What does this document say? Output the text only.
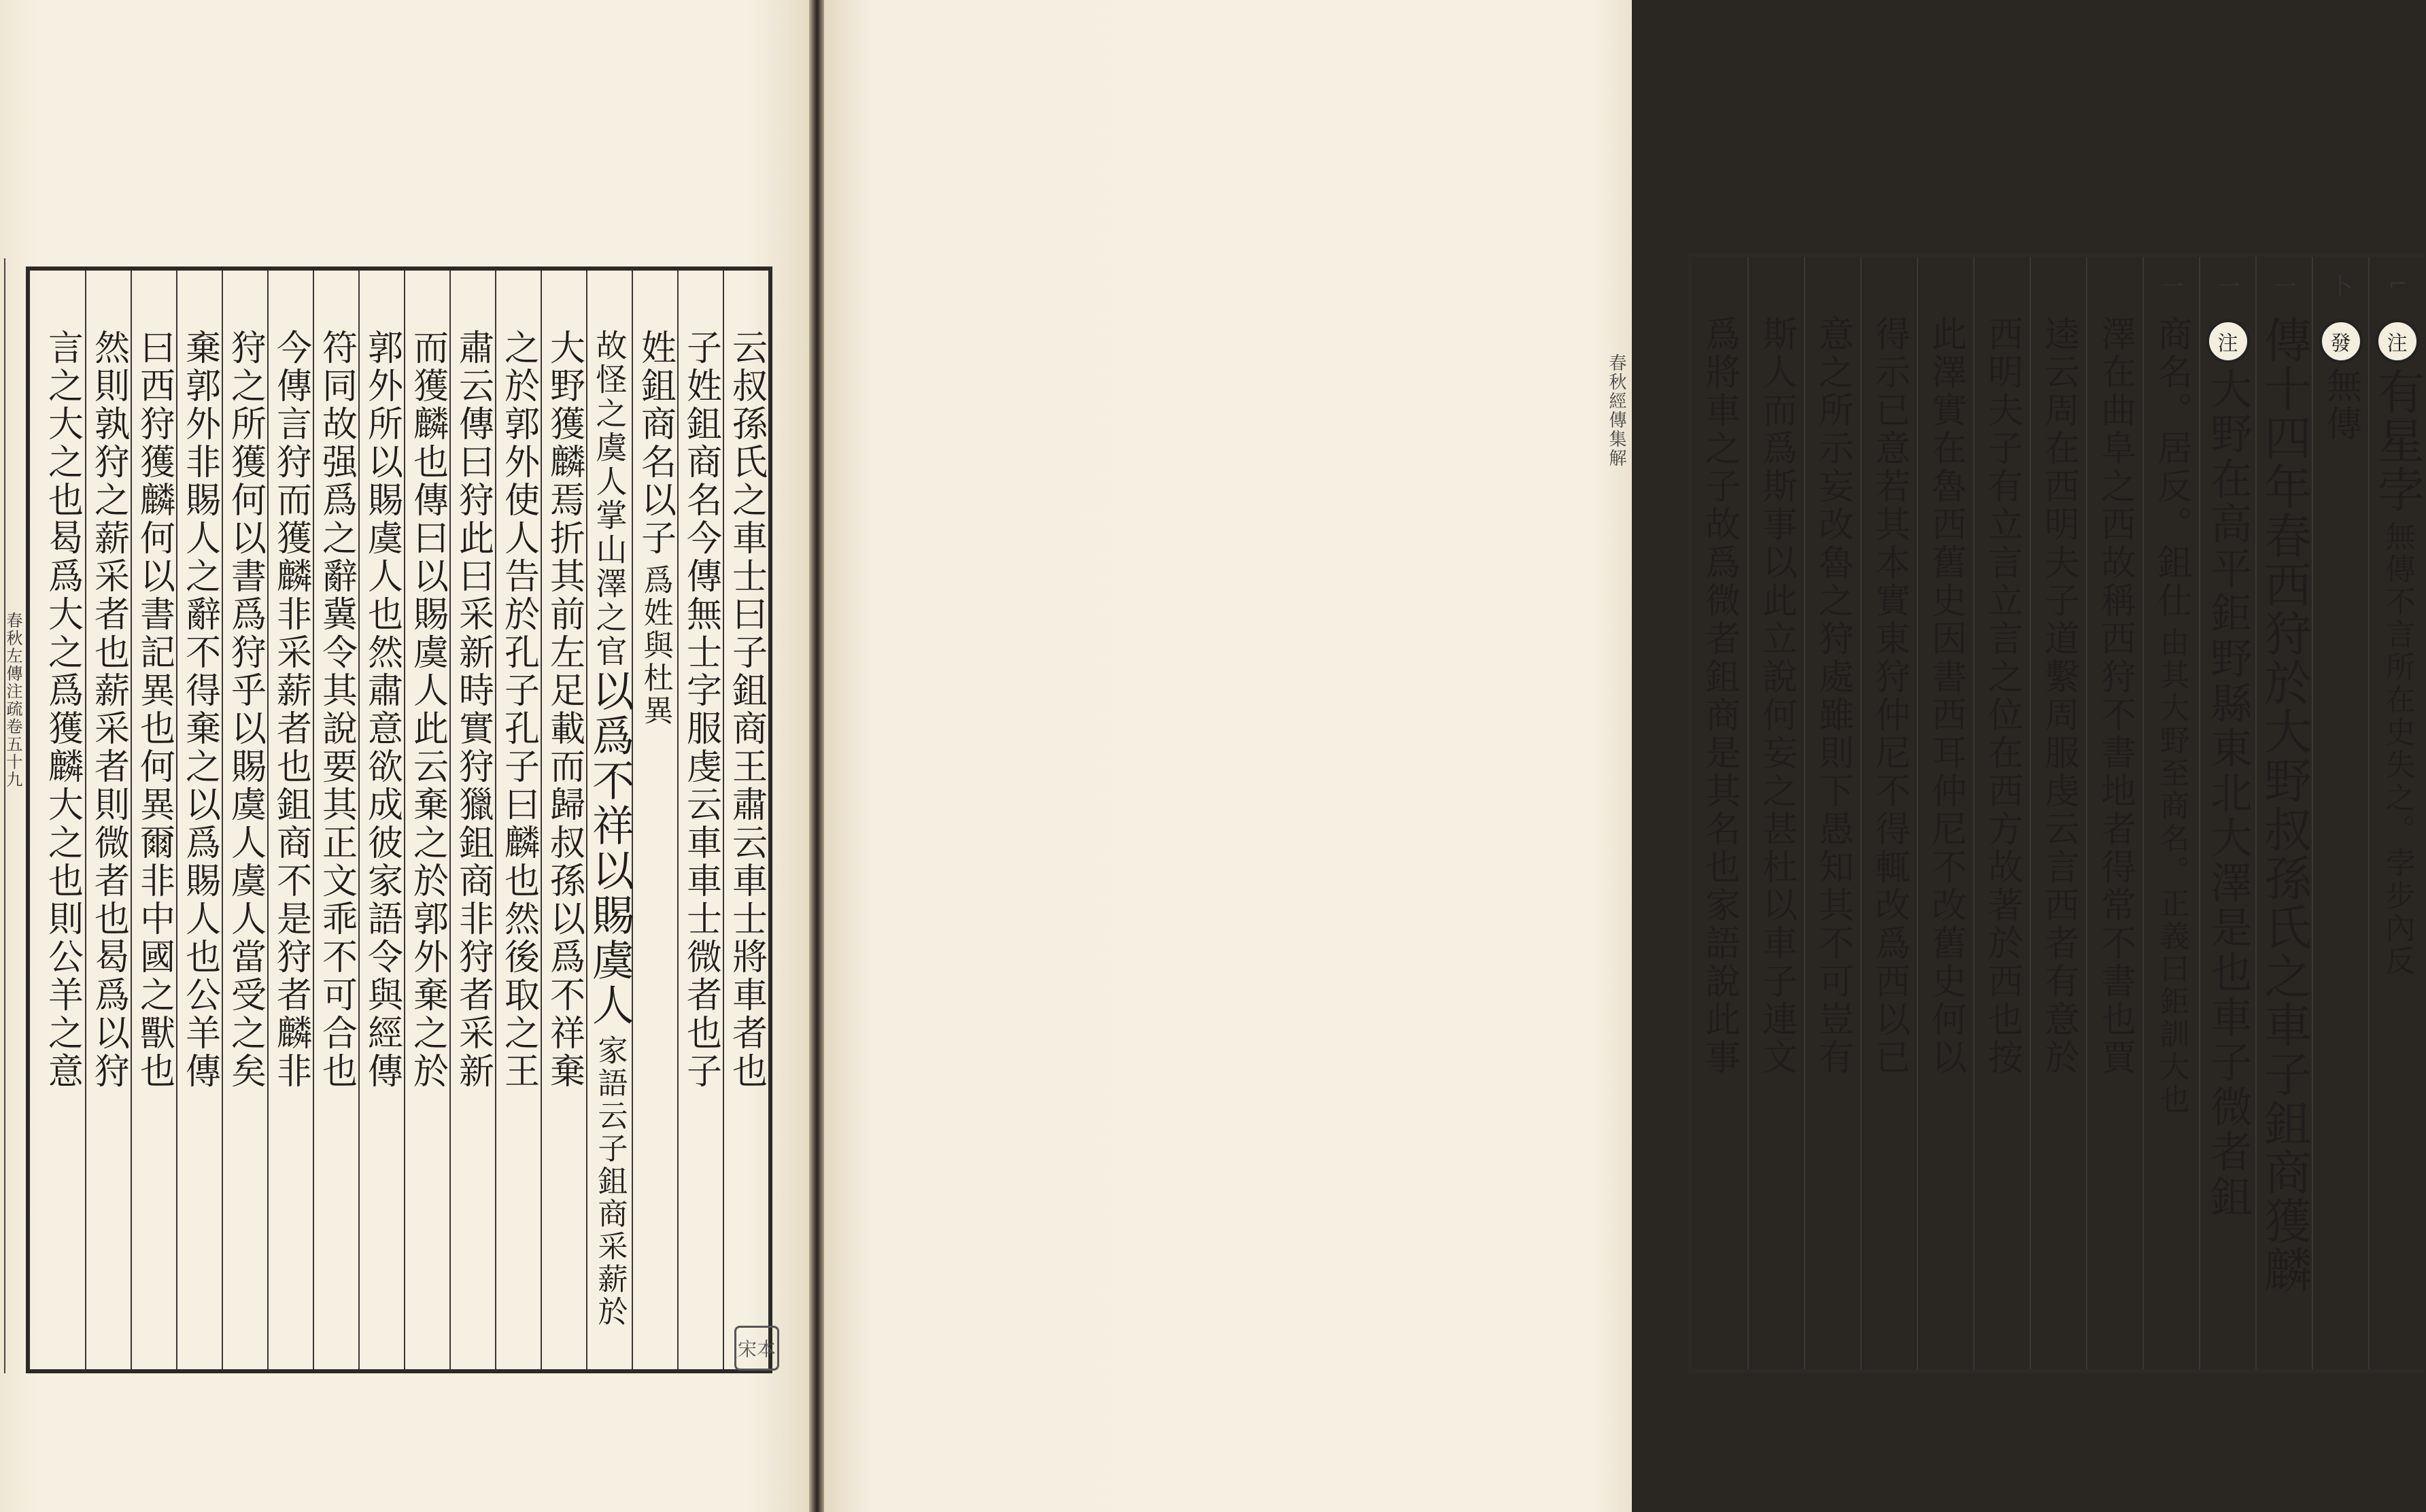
春秋左傳注疏卷五十九	云叔孫氏之車士曰子鉏商王肅云車士將車者也
子姓鉏商名今傳無士字服虔云車車士微者也子
姓鉏商名以子
爲姓與杜異
故怪之虞人掌山澤之官
以爲不祥以賜虞人
家語云子鉏商采薪於
大野獲麟焉折其前左足載而歸叔孫以爲不祥棄
之於郭外使人告於孔子孔子曰麟也然後取之王
肅云傳曰狩此曰采新時實狩獵鉏商非狩者采新
而獲麟也傳曰以賜虞人此云棄之於郭外棄之於
郭外所以賜虞人也然肅意欲成彼家語令與經傳
符同故强爲之辭冀令其說要其正文乖不可合也
今傳言狩而獲麟非采薪者也鉏商不是狩者麟非
狩之所獲何以書爲狩乎以賜虞人虞人當受之矣
棄郭外非賜人之辭不得棄之以爲賜人也公羊傳
曰西狩獲麟何以書記異也何異爾非中國之獸也
然則孰狩之薪采者也薪采者則微者也曷爲以狩
言之大之也曷爲大之爲獲麟大之也則公羊之意
宋本
⌐
注
有星孛
無傳不言所在史失之。孛步內反
卜
發
無傳
一
傳十四年春西狩於大野叔孫氏之車子鉏商獲麟
一
注
大野在高平鉅野縣東北大澤是也車子微者鉏
一
商名。居反。鉏仕
由其大野至商名。正義曰鉅訓大也
澤在曲阜之西故稱西狩不書地者得常不書也賈
逵云周在西明夫子道繫周服虔云言西者有意於
西明夫子有立言立言之位在西方故著於西也按
此澤實在魯西舊史因書西耳仲尼不改舊史何以
得示已意若其本實東狩仲尼不得輒改爲西以已
意之所示妄改魯之狩處雖則下愚知其不可豈有
斯人而爲斯事以此立說何妄之甚杜以車子連文
爲將車之子故爲微者鉏商是其名也家語說此事
春秋經傳集解
